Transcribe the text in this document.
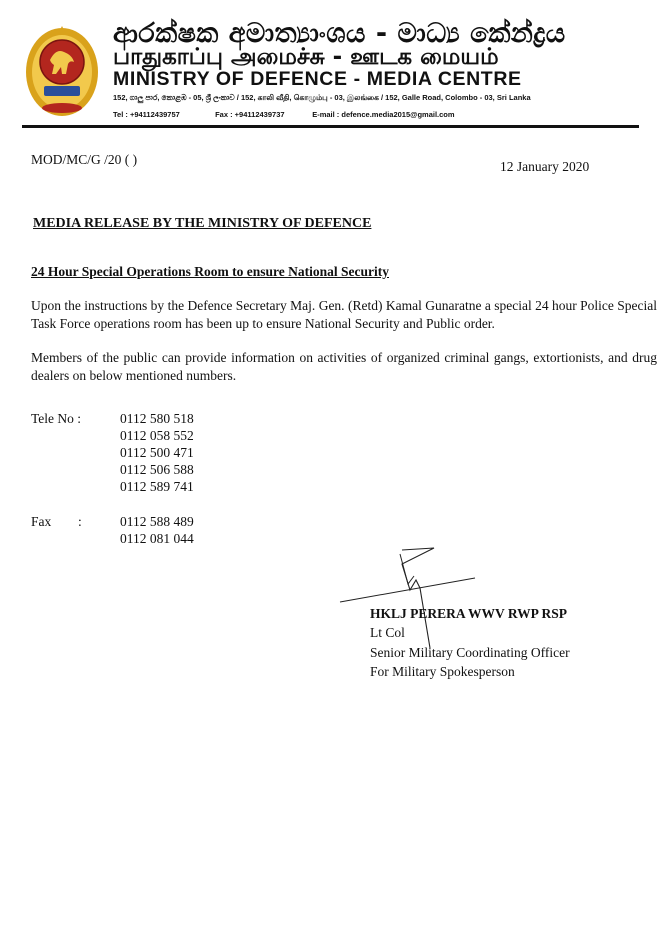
ආරක්ෂක අමාත්‍යාංශය - මාධ්‍ය කේන්ද්‍රය
பாதுகாப்பு அமைச்சு - ஊடக மையம்
MINISTRY OF DEFENCE - MEDIA CENTRE
152, ගාලු පාර, කොළඹ - 05, ශ්‍රී ලංකාව / 152, காலி வீதி, கொழும்பு - 03, இலங்கை / 152, Galle Road, Colombo - 03, Sri Lanka
Tel : +94112439757	Fax : +94112439737	E-mail : defence.media2015@gmail.com
MOD/MC/G /20 ( )	12 January 2020
MEDIA RELEASE BY THE MINISTRY OF DEFENCE
24 Hour Special Operations Room to ensure National Security
Upon the instructions by the Defence Secretary Maj. Gen. (Retd) Kamal Gunaratne a special 24 hour Police Special Task Force operations room has been up to ensure National Security and Public order.
Members of the public can provide information on activities of organized criminal gangs, extortionists, and drug dealers on below mentioned numbers.
Tele No :	0112 580 518
0112 058 552
0112 500 471
0112 506 588
0112 589 741
Fax :	0112 588 489
0112 081 044
HKLJ PERERA WWV RWP RSP
Lt Col
Senior Military Coordinating Officer
For Military Spokesperson
